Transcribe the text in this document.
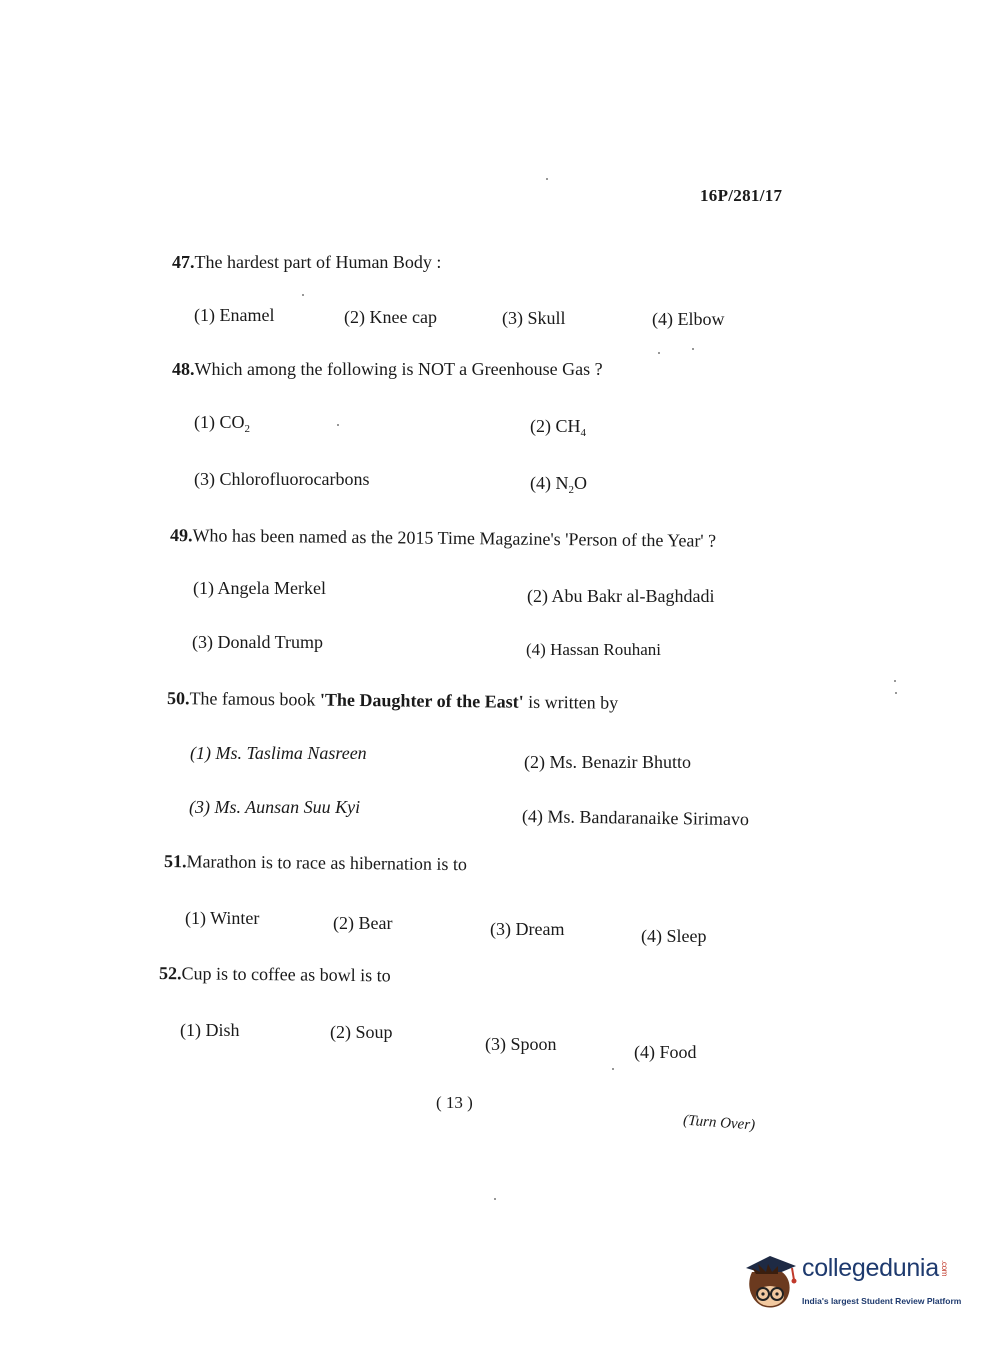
16P/281/17
47.The hardest part of Human Body :
(1) Enamel	(2) Knee cap	(3) Skull	(4) Elbow
48.Which among the following is NOT a Greenhouse Gas ?
(1) $CO_2$	(2) $CH_4$
(3) Chlorofluorocarbons	(4) $N_2O$
49.Who has been named as the 2015 Time Magazine's 'Person of the Year' ?
(1) Angela Merkel	(2) Abu Bakr al-Baghdadi
(3) Donald Trump	(4) Hassan Rouhani
50.The famous book 'The Daughter of the East' is written by
(1) Ms. Taslima Nasreen	(2) Ms. Benazir Bhutto
(3) Ms. Aunsan Suu Kyi	(4) Ms. Bandaranaike Sirimavo
51.Marathon is to race as hibernation is to
(1) Winter	(2) Bear	(3) Dream	(4) Sleep
52.Cup is to coffee as bowl is to
(1) Dish	(2) Soup
(3) Spoon	(4) Food
( 13 )
(Turn Over)
collegedunia.com
India's largest Student Review Platform
